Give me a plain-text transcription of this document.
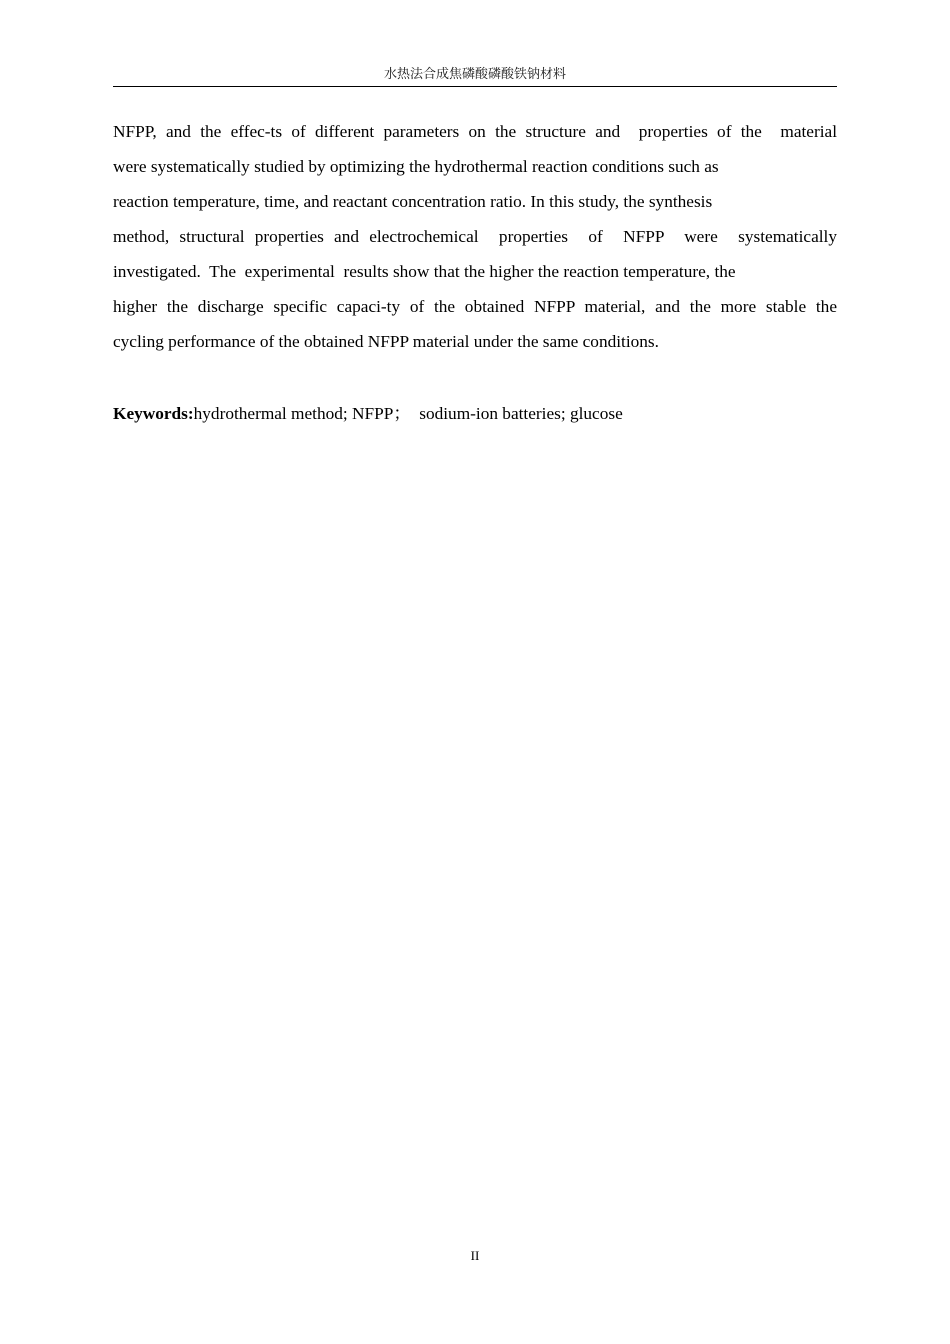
水热法合成焦磷酸磷酸铁钠材料
NFPP, and the effec-ts of different parameters on the structure and  properties of the  material
were systematically studied by optimizing the hydrothermal reaction conditions such as
reaction temperature, time, and reactant concentration ratio. In this study, the synthesis
method, structural properties and electrochemical  properties  of  NFPP  were  systematically
investigated.  The  experimental  results show that the higher the reaction temperature, the
higher the discharge specific capaci-ty of the obtained NFPP material, and the more stable the
cycling performance of the obtained NFPP material under the same conditions.
Keywords:hydrothermal method; NFPP；  sodium-ion batteries; glucose
II
